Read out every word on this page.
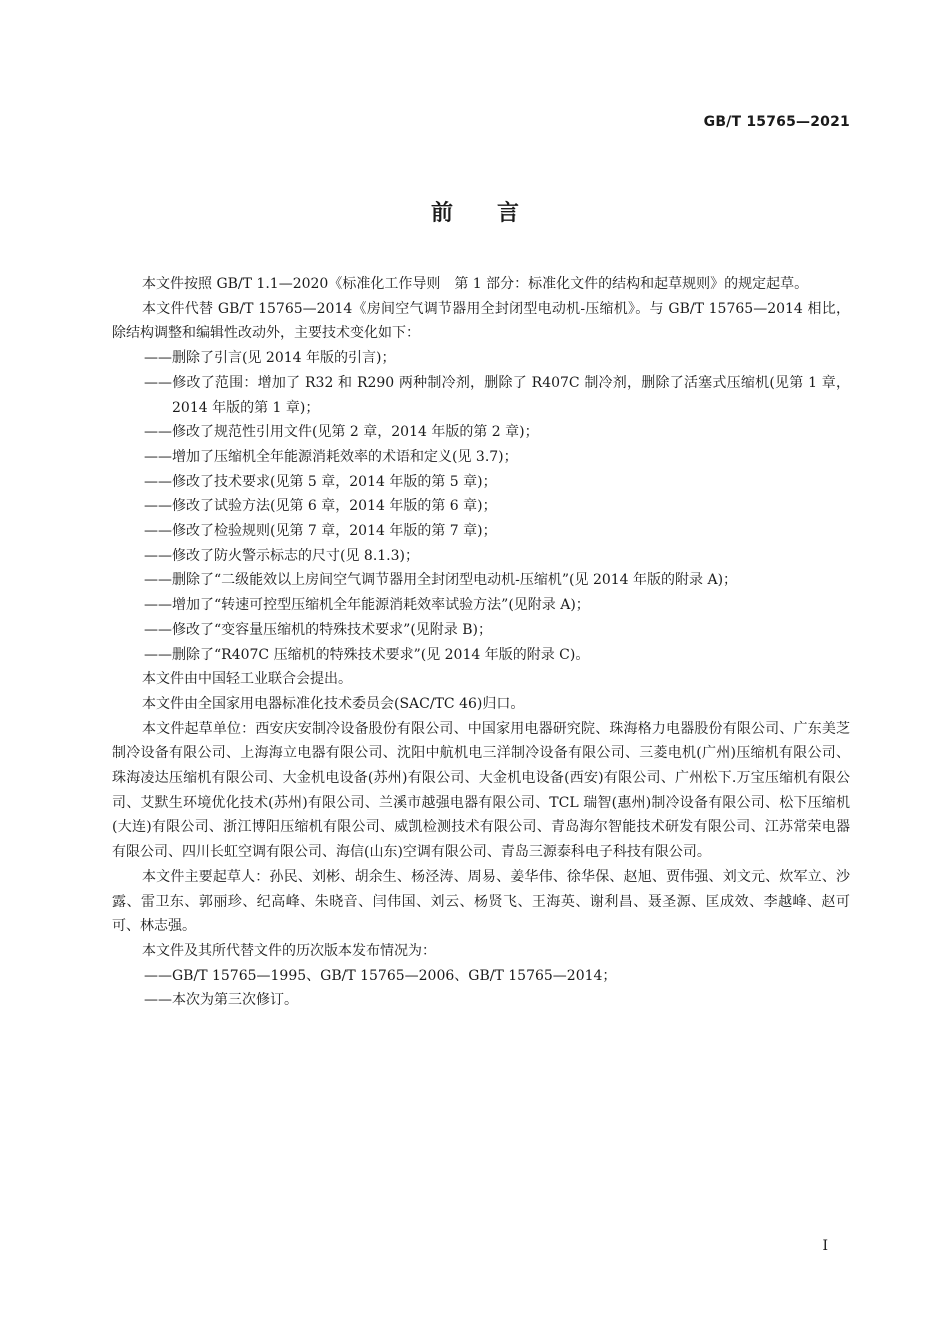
GB/T 15765—2021
前言

本文件按照 GB/T 1.1—2020《标准化工作导则　第 1 部分：标准化文件的结构和起草规则》的规定起草。

本文件代替 GB/T 15765—2014《房间空气调节器用全封闭型电动机-压缩机》。与 GB/T 15765—2014 相比，除结构调整和编辑性改动外，主要技术变化如下：

——删除了引言(见 2014 年版的引言)；

——修改了范围：增加了 R32 和 R290 两种制冷剂，删除了 R407C 制冷剂，删除了活塞式压缩机(见第 1 章，2014 年版的第 1 章)；

——修改了规范性引用文件(见第 2 章，2014 年版的第 2 章)；

——增加了压缩机全年能源消耗效率的术语和定义(见 3.7)；

——修改了技术要求(见第 5 章，2014 年版的第 5 章)；

——修改了试验方法(见第 6 章，2014 年版的第 6 章)；

——修改了检验规则(见第 7 章，2014 年版的第 7 章)；

——修改了防火警示标志的尺寸(见 8.1.3)；

——删除了“二级能效以上房间空气调节器用全封闭型电动机-压缩机”(见 2014 年版的附录 A)；

——增加了“转速可控型压缩机全年能源消耗效率试验方法”(见附录 A)；

——修改了“变容量压缩机的特殊技术要求”(见附录 B)；

——删除了“R407C 压缩机的特殊技术要求”(见 2014 年版的附录 C)。

本文件由中国轻工业联合会提出。

本文件由全国家用电器标准化技术委员会(SAC/TC 46)归口。

本文件起草单位：西安庆安制冷设备股份有限公司、中国家用电器研究院、珠海格力电器股份有限公司、广东美芝制冷设备有限公司、上海海立电器有限公司、沈阳中航机电三洋制冷设备有限公司、三菱电机(广州)压缩机有限公司、珠海凌达压缩机有限公司、大金机电设备(苏州)有限公司、大金机电设备(西安)有限公司、广州松下.万宝压缩机有限公司、艾默生环境优化技术(苏州)有限公司、兰溪市越强电器有限公司、TCL 瑞智(惠州)制冷设备有限公司、松下压缩机(大连)有限公司、浙江博阳压缩机有限公司、威凯检测技术有限公司、青岛海尔智能技术研发有限公司、江苏常荣电器有限公司、四川长虹空调有限公司、海信(山东)空调有限公司、青岛三源泰科电子科技有限公司。

本文件主要起草人：孙民、刘彬、胡余生、杨泾涛、周易、姜华伟、徐华保、赵旭、贾伟强、刘文元、炊军立、沙露、雷卫东、郭丽珍、纪高峰、朱晓音、闫伟国、刘云、杨贤飞、王海英、谢利昌、聂圣源、匡成效、李越峰、赵可可、林志强。

本文件及其所代替文件的历次版本发布情况为：

——GB/T 15765—1995、GB/T 15765—2006、GB/T 15765—2014；

——本次为第三次修订。

I
